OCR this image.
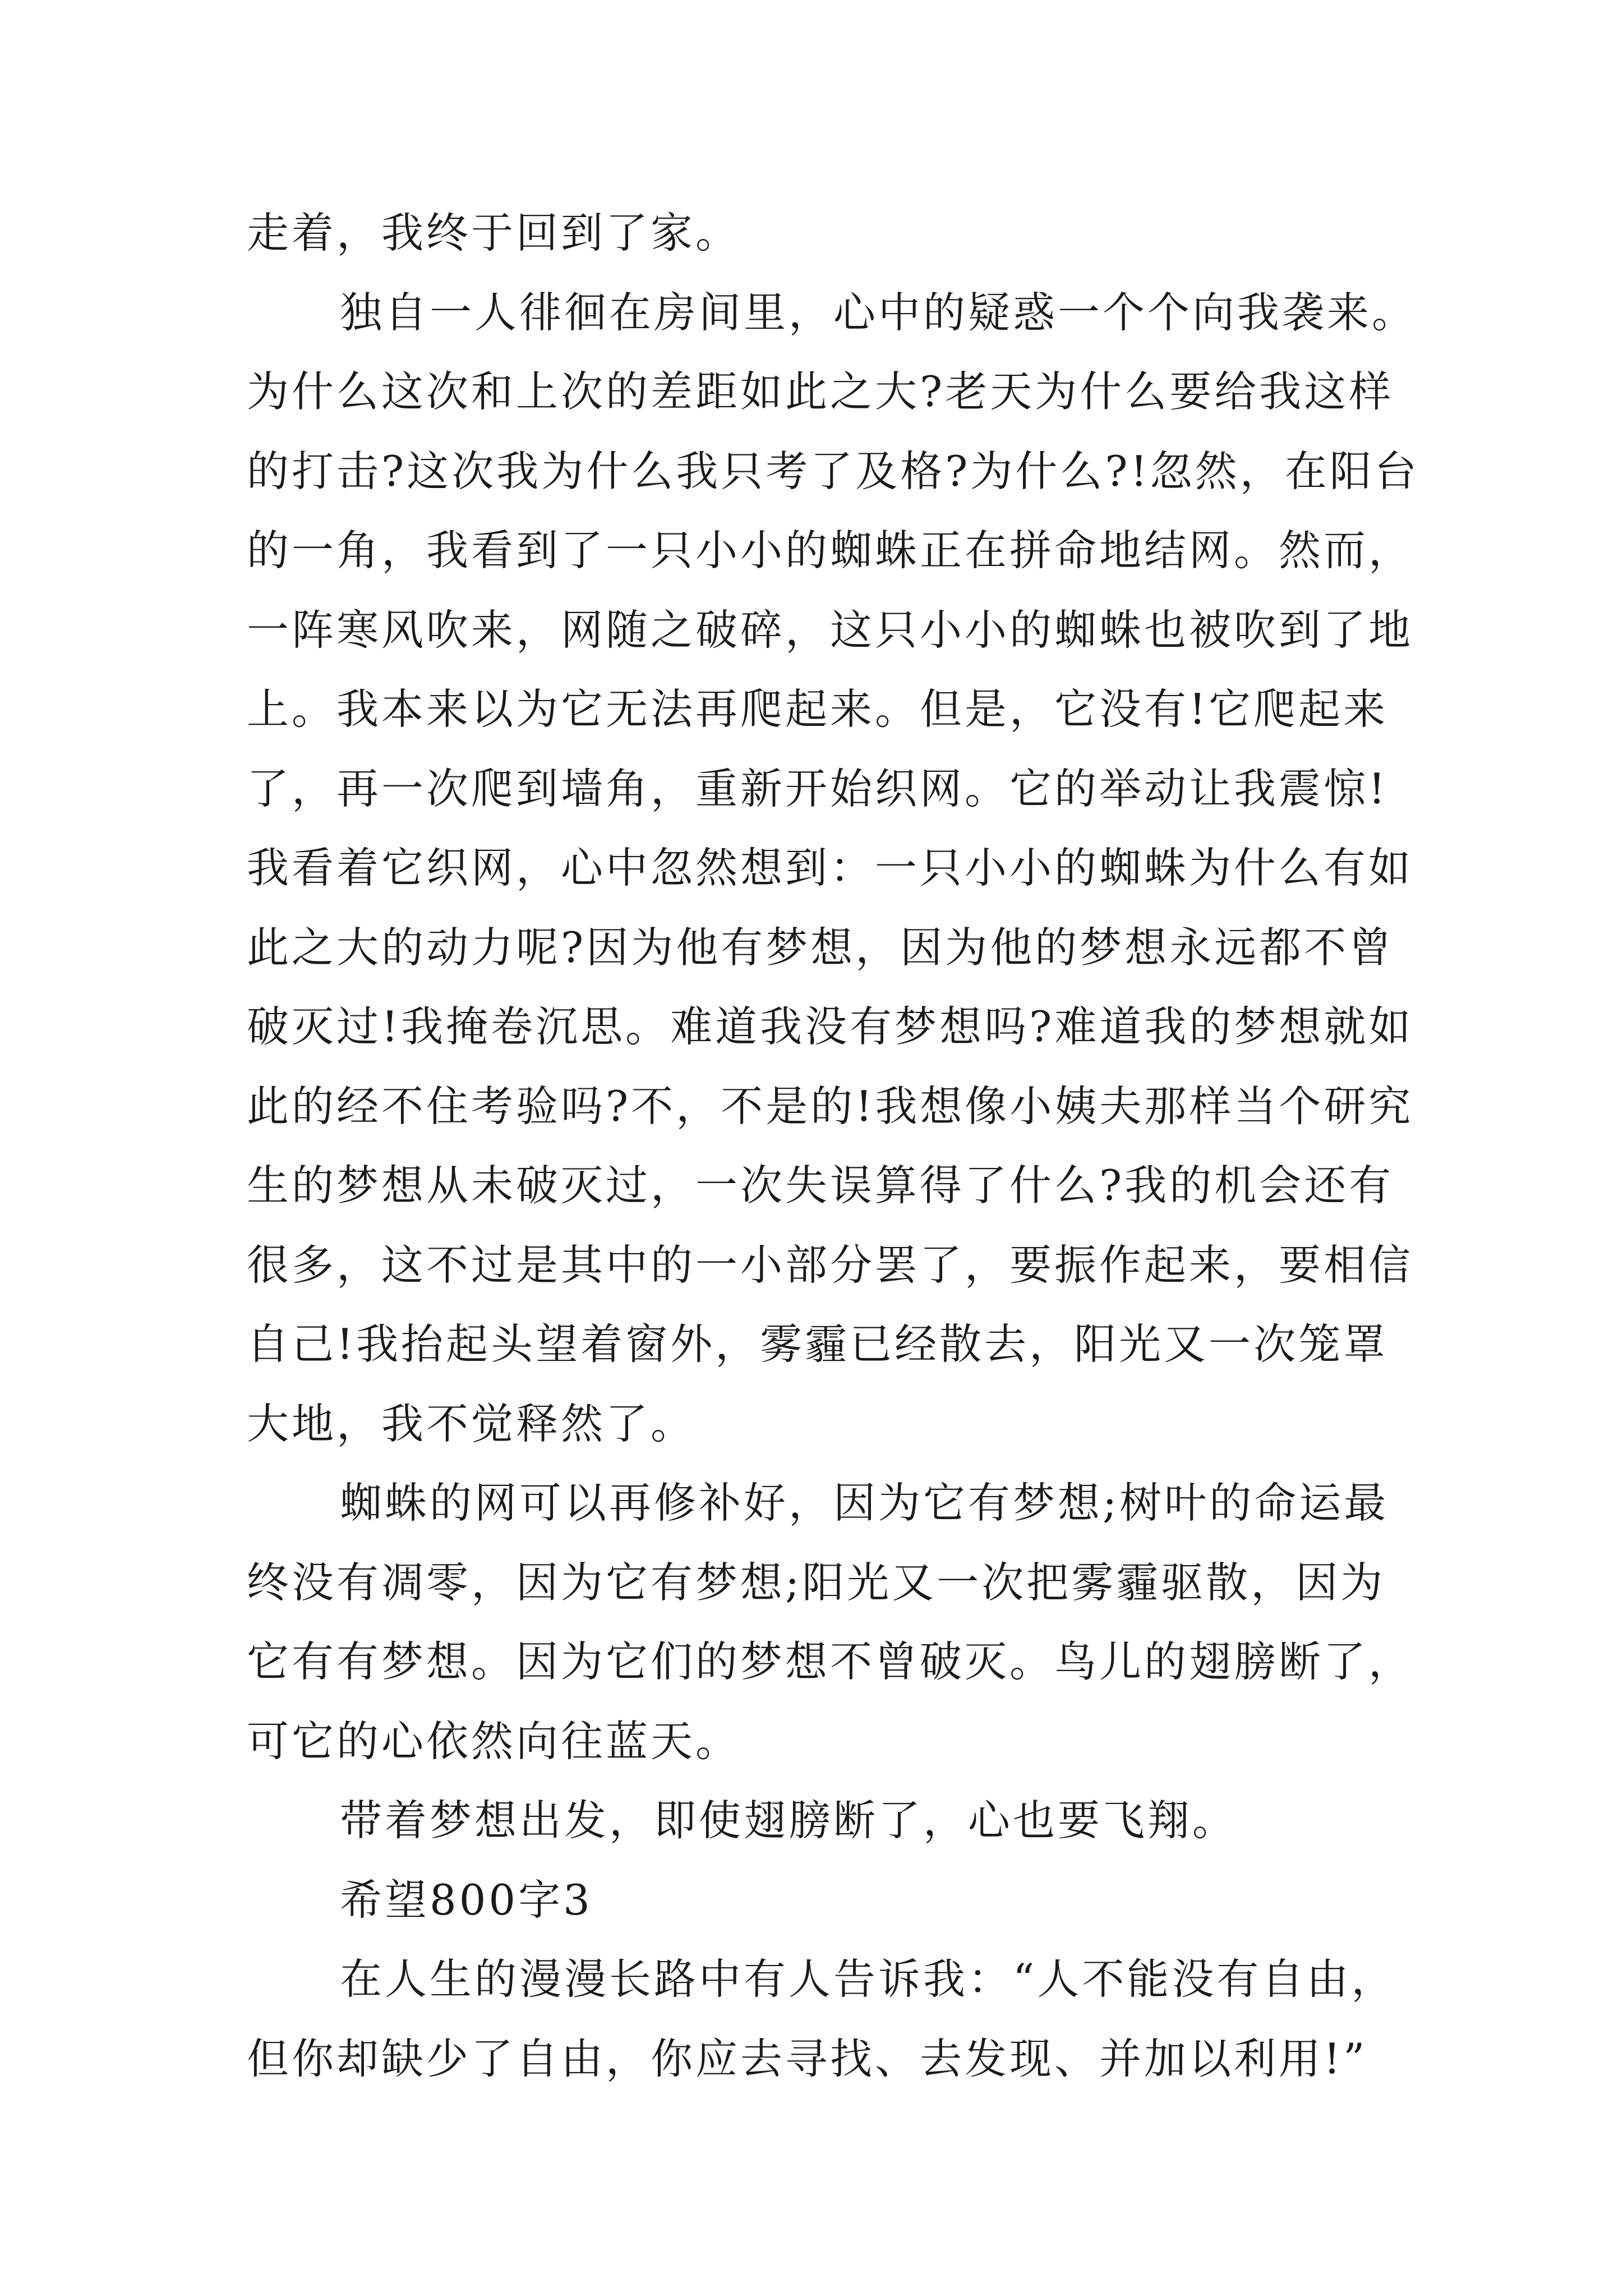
走着，我终于回到了家。
独自一人徘徊在房间里，心中的疑惑一个个向我袭来。
为什么这次和上次的差距如此之大?老天为什么要给我这样
的打击?这次我为什么我只考了及格?为什么?!忽然，在阳台
的一角，我看到了一只小小的蜘蛛正在拼命地结网。然而，
一阵寒风吹来，网随之破碎，这只小小的蜘蛛也被吹到了地
上。我本来以为它无法再爬起来。但是，它没有!它爬起来
了，再一次爬到墙角，重新开始织网。它的举动让我震惊!
我看着它织网，心中忽然想到：一只小小的蜘蛛为什么有如
此之大的动力呢?因为他有梦想，因为他的梦想永远都不曾
破灭过!我掩卷沉思。难道我没有梦想吗?难道我的梦想就如
此的经不住考验吗?不，不是的!我想像小姨夫那样当个研究
生的梦想从未破灭过，一次失误算得了什么?我的机会还有
很多，这不过是其中的一小部分罢了，要振作起来，要相信
自己!我抬起头望着窗外，雾霾已经散去，阳光又一次笼罩
大地，我不觉释然了。
蜘蛛的网可以再修补好，因为它有梦想;树叶的命运最
终没有凋零，因为它有梦想;阳光又一次把雾霾驱散，因为
它有有梦想。因为它们的梦想不曾破灭。鸟儿的翅膀断了，
可它的心依然向往蓝天。
带着梦想出发，即使翅膀断了，心也要飞翔。
希望800字3
在人生的漫漫长路中有人告诉我：“人不能没有自由，
但你却缺少了自由，你应去寻找、去发现、并加以利用!”
